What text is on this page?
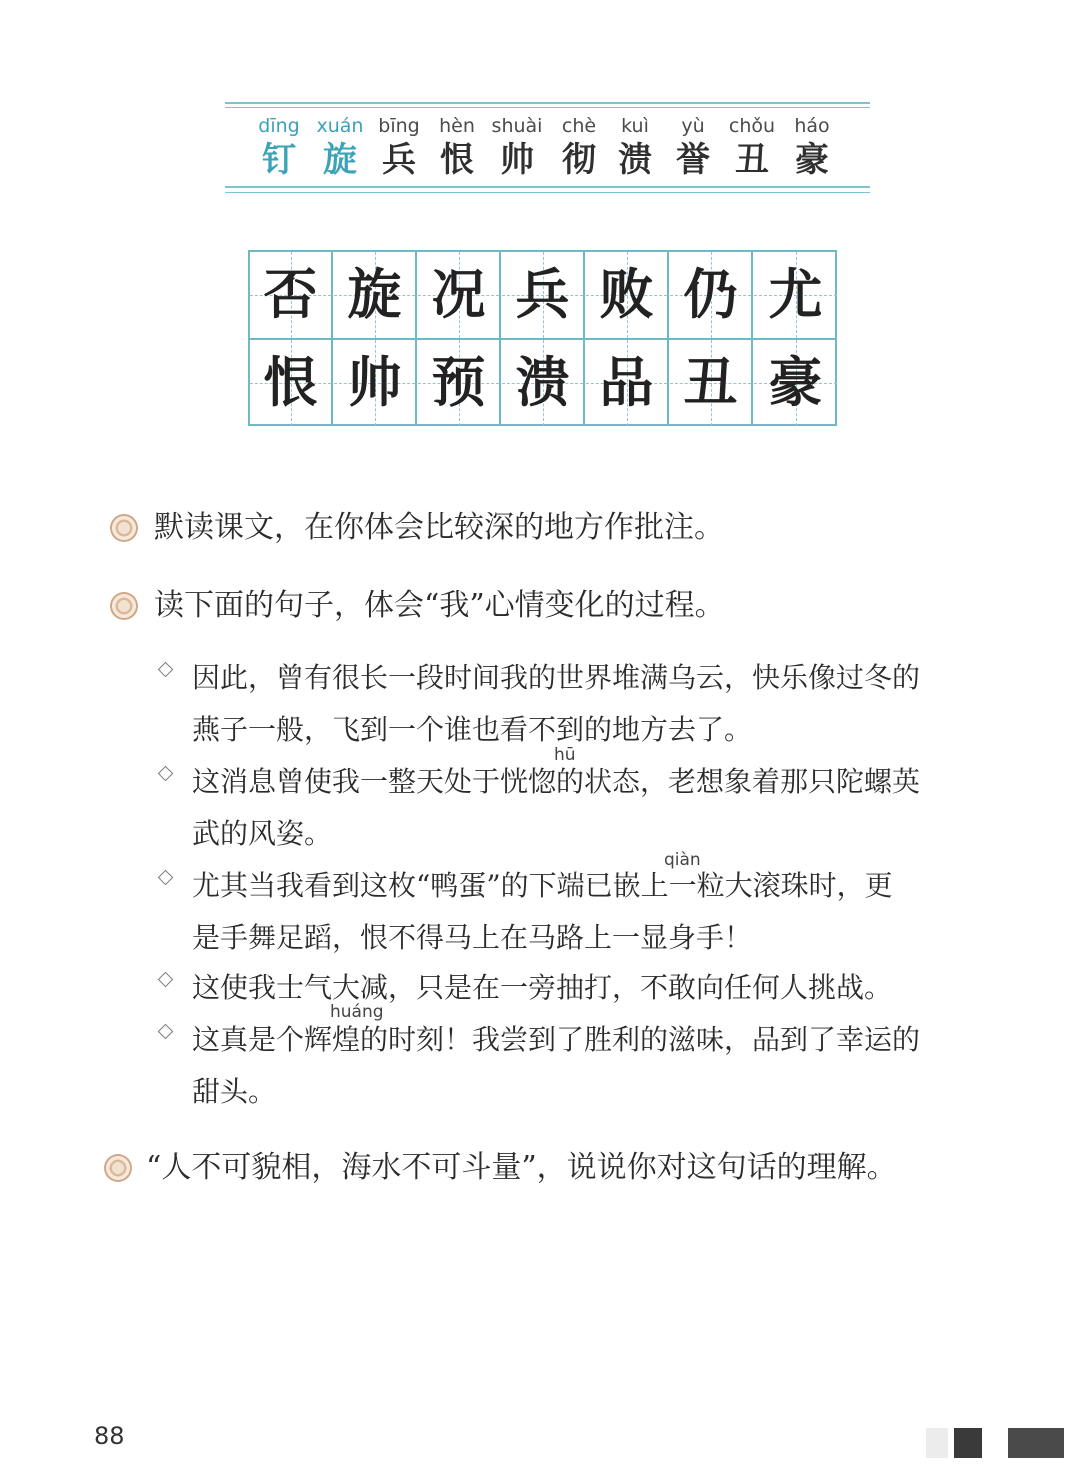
dīng
钉
xuán
旋
bīng
兵
hèn
恨
shuài
帅
chè
彻
kuì
溃
yù
誉
chǒu
丑
háo
豪
否 旋 况 兵 败 仍 尤
恨 帅 预 溃 品 丑 豪
默读课文，在你体会比较深的地方作批注。
读下面的句子，体会“我”心情变化的过程。
因此，曾有很长一段时间我的世界堆满乌云，快乐像过冬的
燕子一般，飞到一个谁也看不到的地方去了。
hū
这消息曾使我一整天处于恍惚的状态，老想象着那只陀螺英
武的风姿。
qiàn
尤其当我看到这枚“鸭蛋”的下端已嵌上一粒大滚珠时，更
是手舞足蹈，恨不得马上在马路上一显身手！
这使我士气大减，只是在一旁抽打，不敢向任何人挑战。
huáng
这真是个辉煌的时刻！我尝到了胜利的滋味，品到了幸运的
甜头。
“人不可貌相，海水不可斗量”，说说你对这句话的理解。
88
